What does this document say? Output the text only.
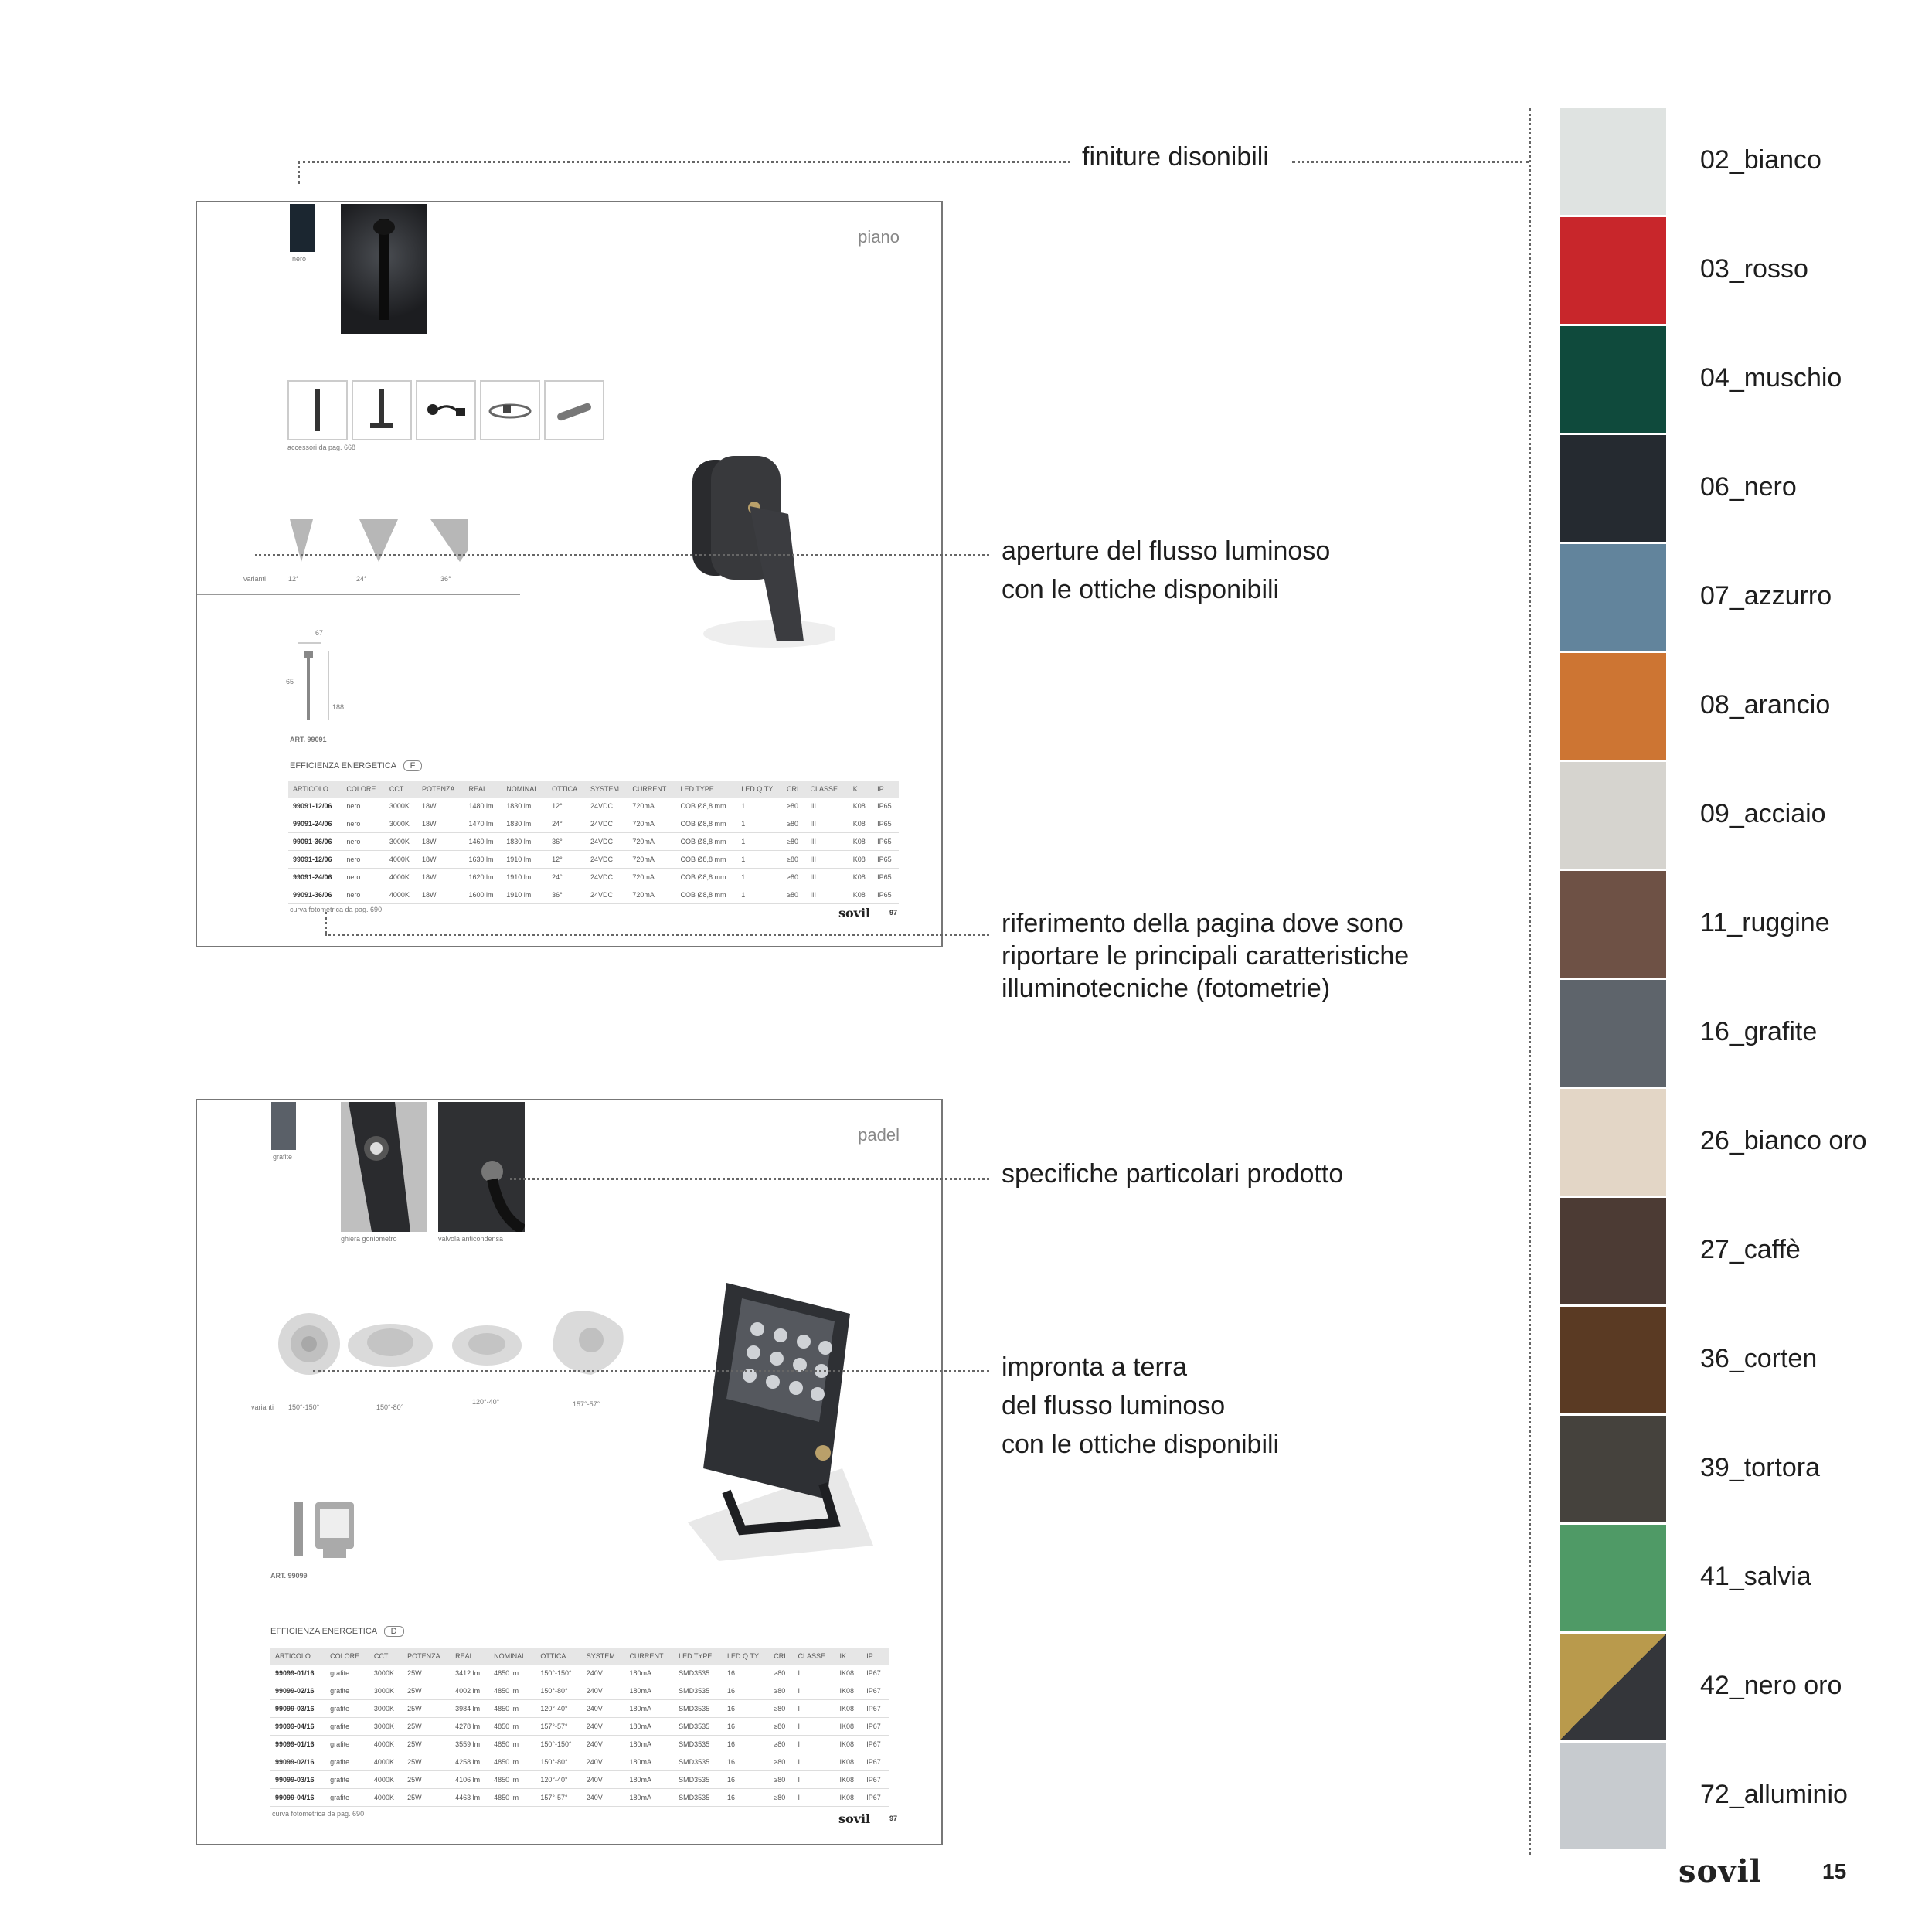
finiture disonibili
piano
nero
accessori da pag. 668
varianti	12°	24°	36°
67
65
188
ART. 99091
EFFICIENZA ENERGETICA F
ARTICOLO	COLORE	CCT	POTENZA	REAL	NOMINAL	OTTICA	SYSTEM	CURRENT	LED TYPE	LED Q.TY	CRI	CLASSE	IK	IP
99091-12/06	nero	3000K	18W	1480 lm	1830 lm	12°	24VDC	720mA	COB Ø8,8 mm	1	≥80	III	IK08	IP65
99091-24/06	nero	3000K	18W	1470 lm	1830 lm	24°	24VDC	720mA	COB Ø8,8 mm	1	≥80	III	IK08	IP65
99091-36/06	nero	3000K	18W	1460 lm	1830 lm	36°	24VDC	720mA	COB Ø8,8 mm	1	≥80	III	IK08	IP65
99091-12/06	nero	4000K	18W	1630 lm	1910 lm	12°	24VDC	720mA	COB Ø8,8 mm	1	≥80	III	IK08	IP65
99091-24/06	nero	4000K	18W	1620 lm	1910 lm	24°	24VDC	720mA	COB Ø8,8 mm	1	≥80	III	IK08	IP65
99091-36/06	nero	4000K	18W	1600 lm	1910 lm	36°	24VDC	720mA	COB Ø8,8 mm	1	≥80	III	IK08	IP65
curva fotometrica da pag. 690	sovil	97
aperture del flusso luminoso
con le ottiche disponibili
riferimento della pagina dove sono
riportare le principali caratteristiche
illuminotecniche (fotometrie)
padel
grafite
ghiera goniometro	valvola anticondensa
varianti 150°-150°	150°-80°
120°-40°	157°-57°
ART. 99099
EFFICIENZA ENERGETICA D
ARTICOLO	COLORE	CCT	POTENZA	REAL	NOMINAL	OTTICA	SYSTEM	CURRENT	LED TYPE	LED Q.TY	CRI	CLASSE	IK	IP
99099-01/16	grafite	3000K	25W	3412 lm	4850 lm	150°-150°	240V	180mA	SMD3535	16	≥80	I	IK08	IP67
99099-02/16	grafite	3000K	25W	4002 lm	4850 lm	150°-80°	240V	180mA	SMD3535	16	≥80	I	IK08	IP67
99099-03/16	grafite	3000K	25W	3984 lm	4850 lm	120°-40°	240V	180mA	SMD3535	16	≥80	I	IK08	IP67
99099-04/16	grafite	3000K	25W	4278 lm	4850 lm	157°-57°	240V	180mA	SMD3535	16	≥80	I	IK08	IP67
99099-01/16	grafite	4000K	25W	3559 lm	4850 lm	150°-150°	240V	180mA	SMD3535	16	≥80	I	IK08	IP67
99099-02/16	grafite	4000K	25W	4258 lm	4850 lm	150°-80°	240V	180mA	SMD3535	16	≥80	I	IK08	IP67
99099-03/16	grafite	4000K	25W	4106 lm	4850 lm	120°-40°	240V	180mA	SMD3535	16	≥80	I	IK08	IP67
99099-04/16	grafite	4000K	25W	4463 lm	4850 lm	157°-57°	240V	180mA	SMD3535	16	≥80	I	IK08	IP67
curva fotometrica da pag. 690	sovil	97
specifiche particolari prodotto
impronta a terra
del flusso luminoso
con le ottiche disponibili
02_bianco
03_rosso
04_muschio
06_nero
07_azzurro
08_arancio
09_acciaio
11_ruggine
16_grafite
26_bianco oro
27_caffè
36_corten
39_tortora
41_salvia
42_nero oro
72_alluminio
sovil	15
